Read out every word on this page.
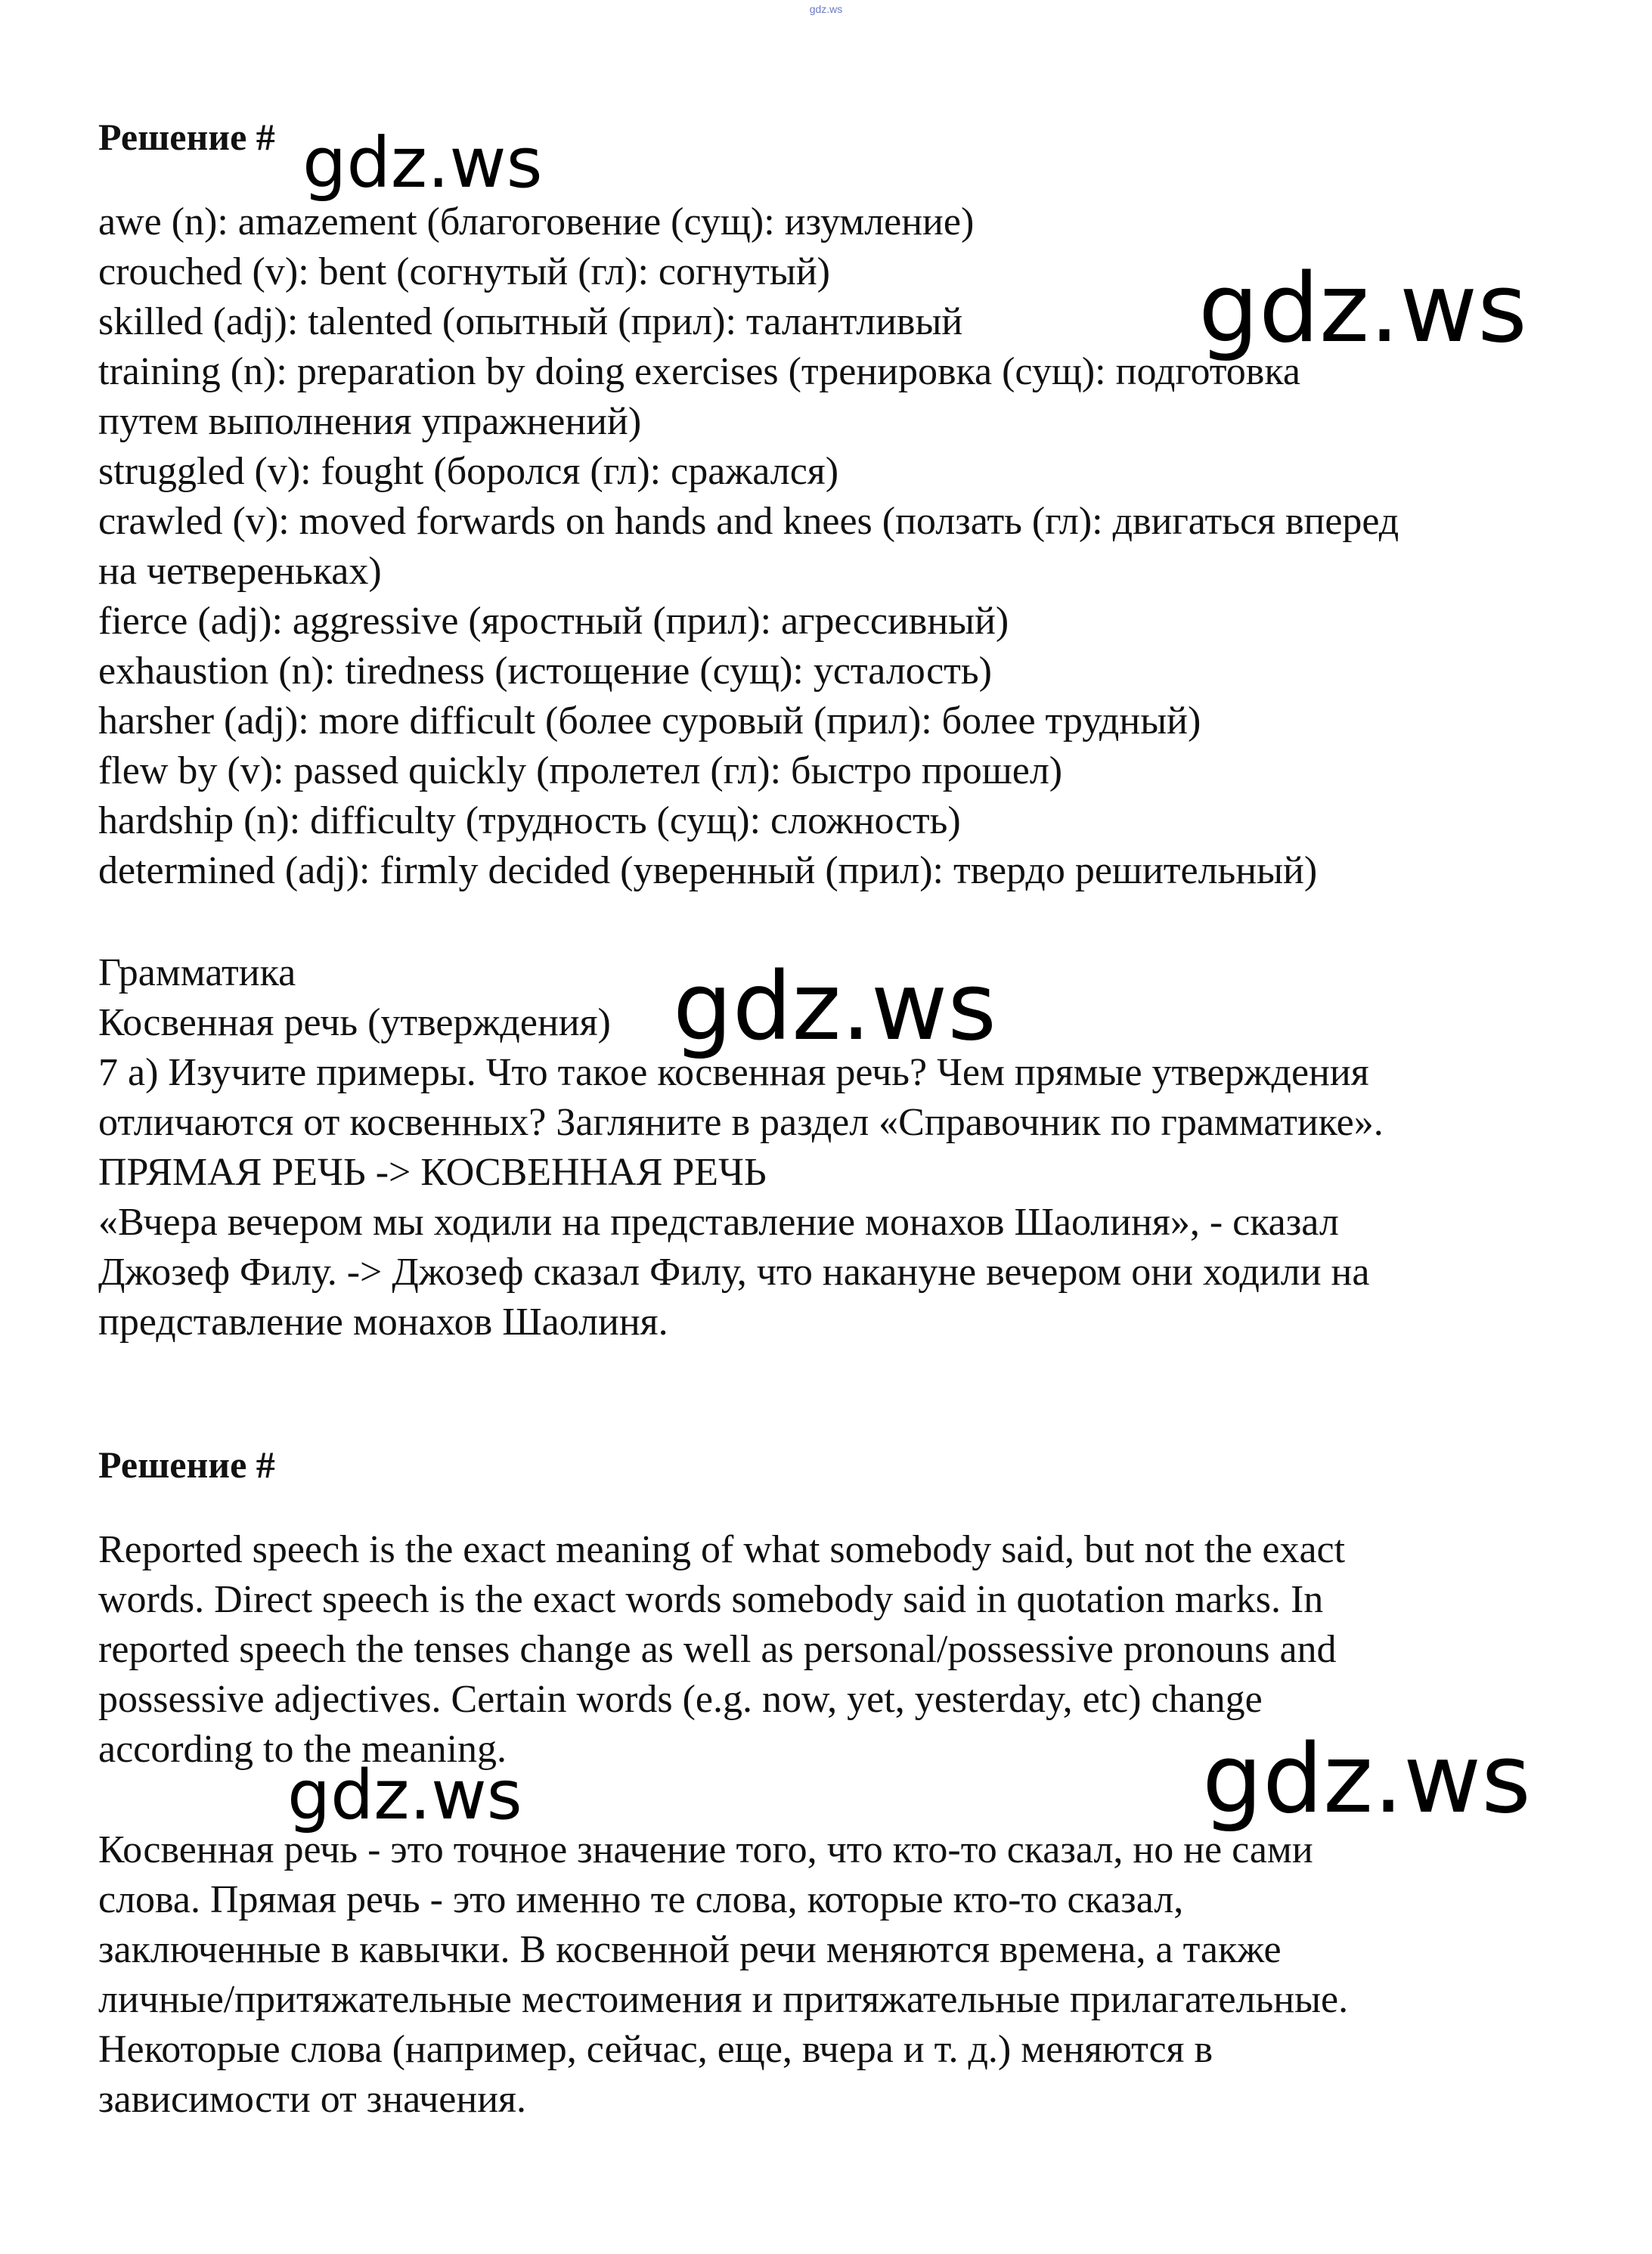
gdz.ws
Решение #
awe (n): amazement (благоговение (сущ): изумление)
crouched (v): bent (согнутый (гл): согнутый)
skilled (adj): talented (опытный (прил): талантливый
training (n): preparation by doing exercises (тренировка (сущ): подготовка
путем выполнения упражнений)
struggled (v): fought (боролся (гл): сражался)
crawled (v): moved forwards on hands and knees (ползать (гл): двигаться вперед
на четвереньках)
fierce (adj): aggressive (яростный (прил): агрессивный)
exhaustion (n): tiredness (истощение (сущ): усталость)
harsher (adj): more difficult (более суровый (прил): более трудный)
flew by (v): passed quickly (пролетел (гл): быстро прошел)
hardship (n): difficulty (трудность (сущ): сложность)
determined (adj): firmly decided (уверенный (прил): твердо решительный)
Грамматика
Косвенная речь (утверждения)
7 а) Изучите примеры. Что такое косвенная речь? Чем прямые утверждения
отличаются от косвенных? Загляните в раздел «Справочник по грамматике».
ПРЯМАЯ РЕЧЬ -> КОСВЕННАЯ РЕЧЬ
«Вчера вечером мы ходили на представление монахов Шаолиня», - сказал
Джозеф Филу. -> Джозеф сказал Филу, что накануне вечером они ходили на
представление монахов Шаолиня.
Решение #
Reported speech is the exact meaning of what somebody said, but not the exact
words. Direct speech is the exact words somebody said in quotation marks. In
reported speech the tenses change as well as personal/possessive pronouns and
possessive adjectives. Certain words (e.g. now, yet, yesterday, etc) change
according to the meaning.
Косвенная речь - это точное значение того, что кто-то сказал, но не сами
слова. Прямая речь - это именно те слова, которые кто-то сказал,
заключенные в кавычки. В косвенной речи меняются времена, а также
личные/притяжательные местоимения и притяжательные прилагательные.
Некоторые слова (например, сейчас, еще, вчера и т. д.) меняются в
зависимости от значения.
gdz.ws
gdz.ws
gdz.ws
gdz.ws
gdz.ws
